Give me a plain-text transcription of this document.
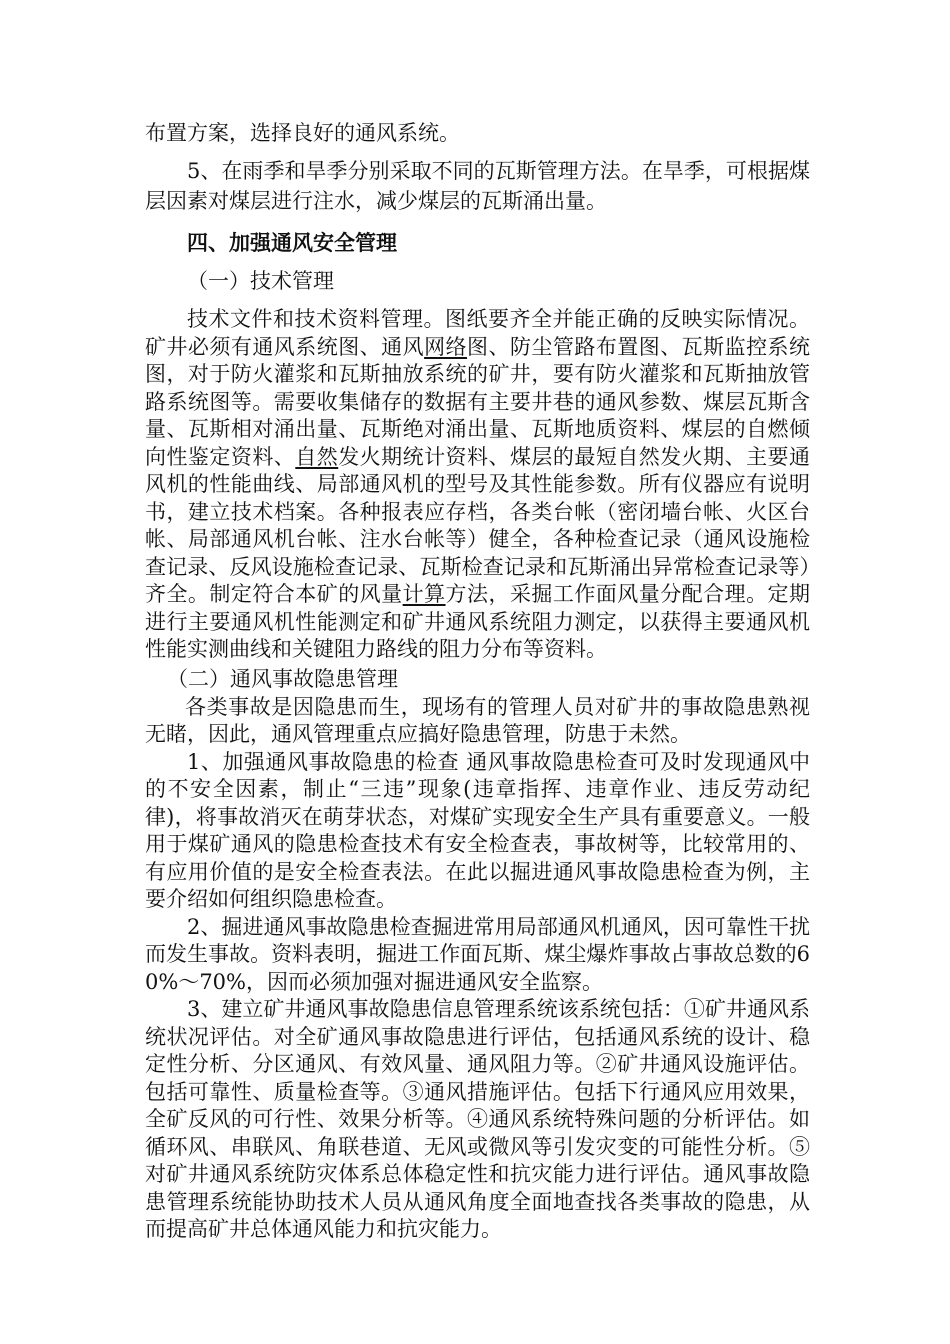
布置方案，选择良好的通风系统。

5、在雨季和旱季分别采取不同的瓦斯管理方法。在旱季，可根据煤层因素对煤层进行注水，减少煤层的瓦斯涌出量。

四、加强通风安全管理

（一）技术管理

技术文件和技术资料管理。图纸要齐全并能正确的反映实际情况。矿井必须有通风系统图、通风网络图、防尘管路布置图、瓦斯监控系统图，对于防火灌浆和瓦斯抽放系统的矿井，要有防火灌浆和瓦斯抽放管路系统图等。需要收集储存的数据有主要井巷的通风参数、煤层瓦斯含量、瓦斯相对涌出量、瓦斯绝对涌出量、瓦斯地质资料、煤层的自燃倾向性鉴定资料、自然发火期统计资料、煤层的最短自然发火期、主要通风机的性能曲线、局部通风机的型号及其性能参数。所有仪器应有说明书，建立技术档案。各种报表应存档，各类台帐（密闭墙台帐、火区台帐、局部通风机台帐、注水台帐等）健全，各种检查记录（通风设施检查记录、反风设施检查记录、瓦斯检查记录和瓦斯涌出异常检查记录等）齐全。制定符合本矿的风量计算方法，采掘工作面风量分配合理。定期进行主要通风机性能测定和矿井通风系统阻力测定，以获得主要通风机性能实测曲线和关键阻力路线的阻力分布等资料。

（二）通风事故隐患管理

各类事故是因隐患而生，现场有的管理人员对矿井的事故隐患熟视无睹，因此，通风管理重点应搞好隐患管理，防患于未然。

1、加强通风事故隐患的检查 通风事故隐患检查可及时发现通风中的不安全因素，制止“三违”现象(违章指挥、违章作业、违反劳动纪律)，将事故消灭在萌芽状态，对煤矿实现安全生产具有重要意义。一般用于煤矿通风的隐患检查技术有安全检查表，事故树等，比较常用的、有应用价值的是安全检查表法。在此以掘进通风事故隐患检查为例，主要介绍如何组织隐患检查。

2、掘进通风事故隐患检查掘进常用局部通风机通风，因可靠性干扰而发生事故。资料表明，掘进工作面瓦斯、煤尘爆炸事故占事故总数的60%～70%，因而必须加强对掘进通风安全监察。

3、建立矿井通风事故隐患信息管理系统该系统包括：①矿井通风系统状况评估。对全矿通风事故隐患进行评估，包括通风系统的设计、稳定性分析、分区通风、有效风量、通风阻力等。②矿井通风设施评估。包括可靠性、质量检查等。③通风措施评估。包括下行通风应用效果，全矿反风的可行性、效果分析等。④通风系统特殊问题的分析评估。如循环风、串联风、角联巷道、无风或微风等引发灾变的可能性分析。⑤对矿井通风系统防灾体系总体稳定性和抗灾能力进行评估。通风事故隐患管理系统能协助技术人员从通风角度全面地查找各类事故的隐患，从而提高矿井总体通风能力和抗灾能力。
